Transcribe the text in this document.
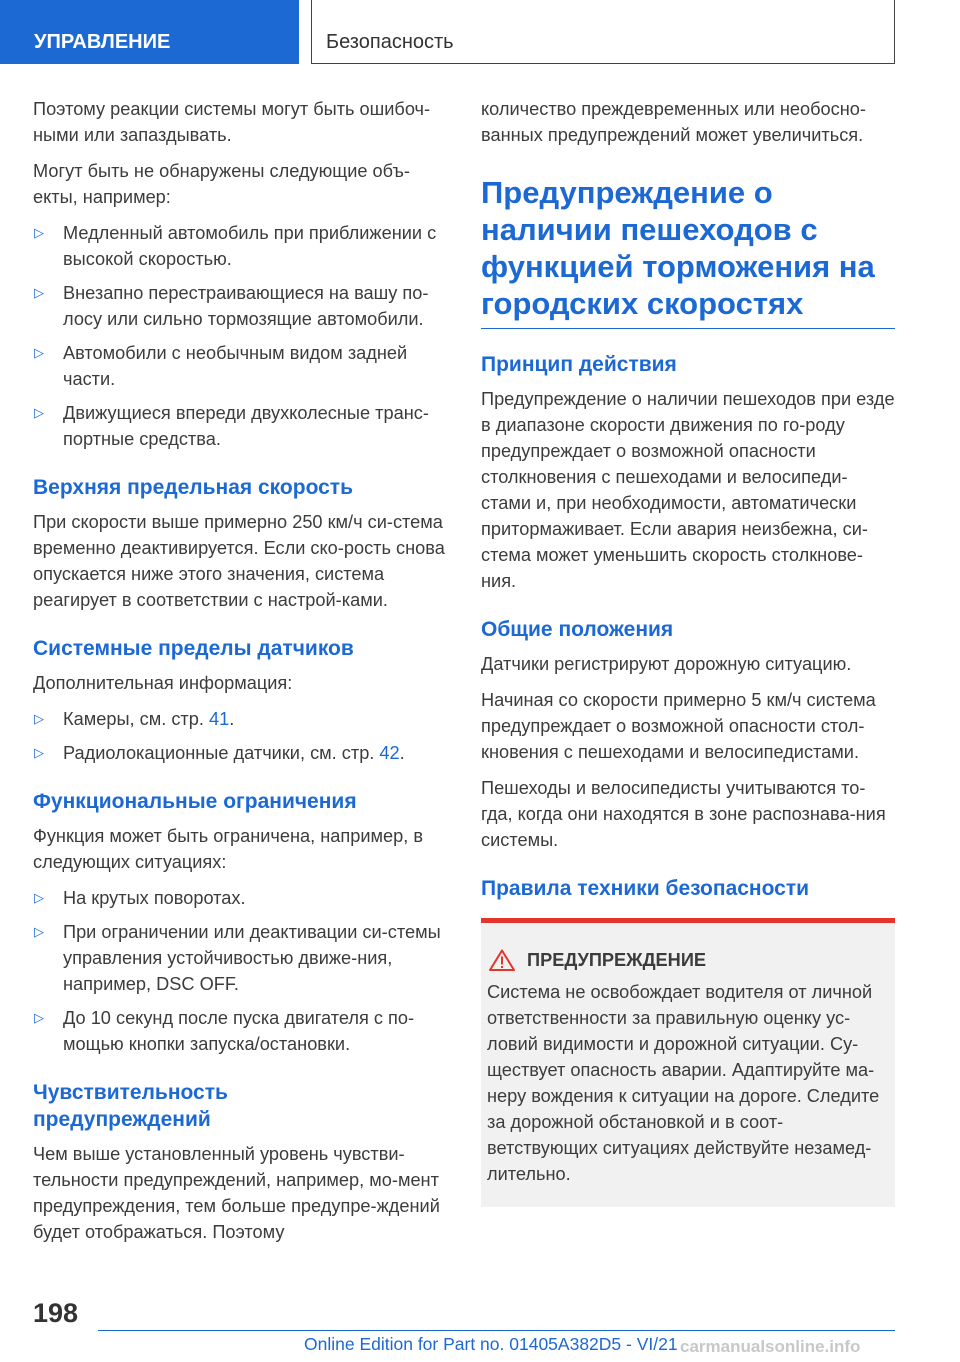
УПРАВЛЕНИЕ	Безопасность

Поэтому реакции системы могут быть ошибоч-ными или запаздывать.

Могут быть не обнаружены следующие объ-екты, например:

▷ Медленный автомобиль при приближении с высокой скоростью.
▷ Внезапно перестраивающиеся на вашу по-лосу или сильно тормозящие автомобили.
▷ Автомобили с необычным видом задней части.
▷ Движущиеся впереди двухколесные транс-портные средства.
Верхняя предельная скорость

При скорости выше примерно 250 км/ч си-стема временно деактивируется. Если ско-рость снова опускается ниже этого значения, система реагирует в соответствии с настрой-ками.

Системные пределы датчиков

Дополнительная информация:

▷ Камеры, см. стр. 41.
▷ Радиолокационные датчики, см. стр. 42.
Функциональные ограничения

Функция может быть ограничена, например, в следующих ситуациях:

▷ На крутых поворотах.
▷ При ограничении или деактивации си-стемы управления устойчивостью движе-ния, например, DSC OFF.
▷ До 10 секунд после пуска двигателя с по-мощью кнопки запуска/остановки.
Чувствительность
предупреждений

Чем выше установленный уровень чувстви-тельности предупреждений, например, мо-мент предупреждения, тем больше предупре-ждений будет отображаться. Поэтому

количество преждевременных или необосно-ванных предупреждений может увеличиться.

Предупреждение о
наличии пешеходов с
функцией торможения на
городских скоростях
Принцип действия

Предупреждение о наличии пешеходов при езде в диапазоне скорости движения по го-роду предупреждает о возможной опасности столкновения с пешеходами и велосипеди-стами и, при необходимости, автоматически притормаживает. Если авария неизбежна, си-стема может уменьшить скорость столкнове-ния.

Общие положения

Датчики регистрируют дорожную ситуацию.

Начиная со скорости примерно 5 км/ч система предупреждает о возможной опасности стол-кновения с пешеходами и велосипедистами.

Пешеходы и велосипедисты учитываются то-гда, когда они находятся в зоне распознава-ния системы.

Правила техники безопасности
ПРЕДУПРЕЖДЕНИЕ

Система не освобождает водителя от личной ответственности за правильную оценку ус-ловий видимости и дорожной ситуации. Су-ществует опасность аварии. Адаптируйте ма-неру вождения к ситуации на дороге. Следите за дорожной обстановкой и в соот-ветствующих ситуациях действуйте незамед-лительно.

198
Online Edition for Part no. 01405A382D5 - VI/21 carmanualsonline.info
